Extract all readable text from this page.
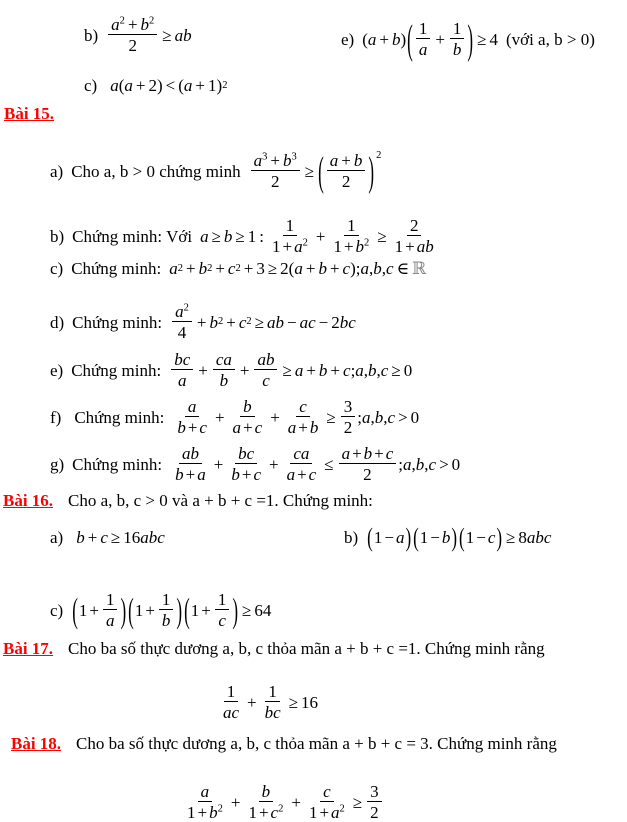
$b) \frac{a^2 + b^2}{2}$ ≥ ab	e) ( a + b ) ( $\frac{1}{a} + \frac{1}{b}$ ) ≥ 4 (với a, b > 0)
c) a ( a + 2 ) < ( a + 1 ) 2
Bài 15.
a) Cho a, b > 0 chứng minh $\frac{a^3 + b^3}{2}$ ≥ ( $\frac{a + b}{2}$ ) 2
b) Chứng minh: Với a ≥ b ≥ 1 : $\frac{1}{1 + a^2} + \frac{1}{1 + b^2} \ge \frac{2}{1 + ab}$
c) Chứng minh: a 2 + b 2 + c 2 + 3 ≥ 2 ( a + b + c ) ; a , b , c ∈ ℝ
d) Chứng minh: $\frac{a^2}{4} + b$ 2 + c 2 ≥ a b − a c − 2 b c
e) Chứng minh: $\frac{bc}{a} + \frac{ca}{b} + \frac{ab}{c} \ge a + b + c$ ; a , b , c ≥ 0
f) Chứng minh: $\frac{a}{b + c} + \frac{b}{a + c} + \frac{c}{a + b} \ge \frac{3}{2}$ ; a , b , c > 0
g) Chứng minh: $\frac{ab}{b + a} + \frac{bc}{b + c} + \frac{ca}{a + c} \le \frac{a + b + c}{2}$ ; a , b , c > 0
Bài 16. Cho a, b, c > 0 và a + b + c =1. Chứng minh:
a) b + c ≥ 16 a b c	b) ( 1 − a ) ( 1 − b ) ( 1 − c ) ≥ 8 a b c
c) ( $1 + \frac{1}{a}$ ) ( $1 + \frac{1}{b}$ ) ( $1 + \frac{1}{c}$ ) ≥ 64
Bài 17. Cho ba số thực dương a, b, c thỏa mãn a + b + c =1. Chứng minh rằng
$\frac{1}{ac} + \frac{1}{bc} \ge 16$
Bài 18. Cho ba số thực dương a, b, c thỏa mãn a + b + c = 3. Chứng minh rằng
$\frac{a}{1 + b^2} + \frac{b}{1 + c^2} + \frac{c}{1 + a^2} \ge \frac{3}{2}$
